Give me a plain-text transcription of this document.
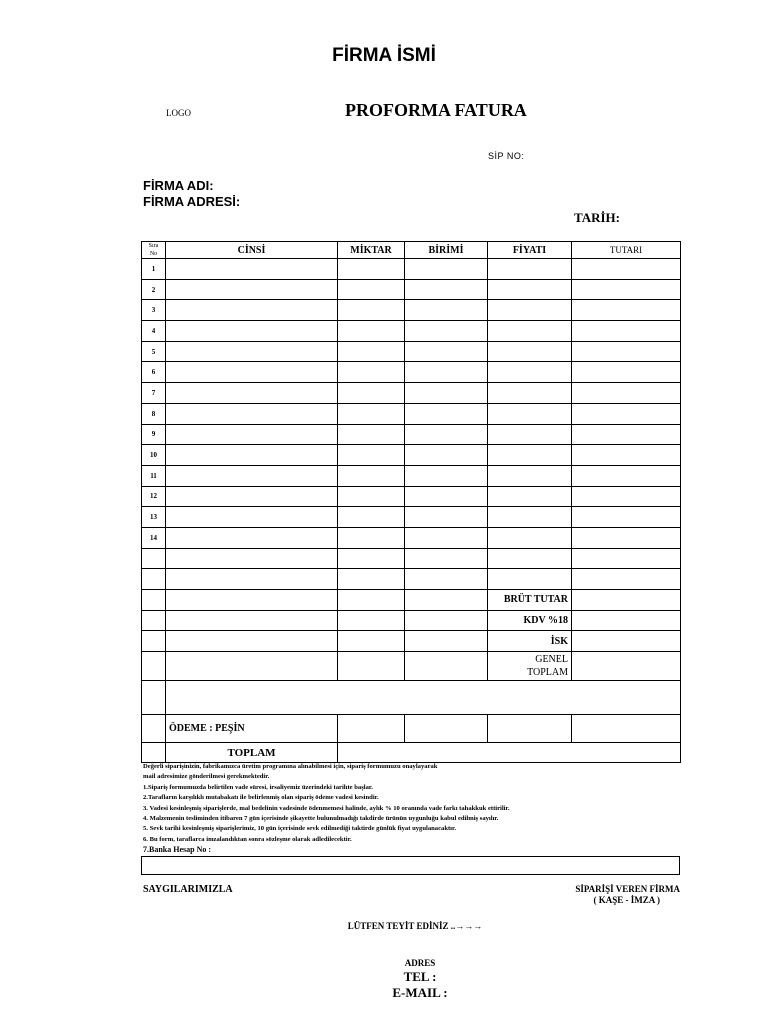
FİRMA İSMİ
LOGO	PROFORMA FATURA
SİP NO:
FİRMA ADI:
FİRMA ADRESİ:
TARİH:
Sıra No	CİNSİ	MİKTAR	BİRİMİ	FİYATI	TUTARI
1					
2					
3					
4					
5					
6					
7					
8					
9					
10					
11					
12					
13					
14					

				BRÜT TUTAR	
				KDV %18	
				İSK	
				GENEL TOPLAM	

	ÖDEME : PEŞİN				
	TOPLAM				
Değerli siparişinizin, fabrikamızca üretim programına alınabilmesi için, sipariş formumuzu onaylayarak
mail adresimize gönderilmesi gerekmektedir.
1.Sipariş formumuzda belirtilen vade süresi, irsaliyemiz üzerindeki tarihte başlar.
2.Tarafların karşılıklı mutabakatı ile belirlenmiş olan sipariş ödeme vadesi kesindir.
3. Vadesi kesinleşmiş siparişlerde, mal bedelinin vadesinde ödenmemesi halinde, aylık % 10 oranında vade farkı tahakkuk ettirilir.
4. Malzemenin tesliminden itibaren 7 gün içerisinde şikayette bulunulmadığı takdirde ürünün uygunluğu kabul edilmiş sayılır.
5. Sevk tarihi kesinleşmiş siparişlerimiz, 10 gün içerisinde sevk edilmediği taktirde günlük fiyat uygulanacaktır.
6. Bu form, taraflarca imzalandıktan sonra sözleşme olarak adledilecektir.
7.Banka Hesap No :
SAYGILARIMIZLA	SİPARİŞİ VEREN FİRMA
( KAŞE - İMZA )
LÜTFEN TEYİT EDİNİZ ..→→→
ADRES
TEL :
E-MAIL :
